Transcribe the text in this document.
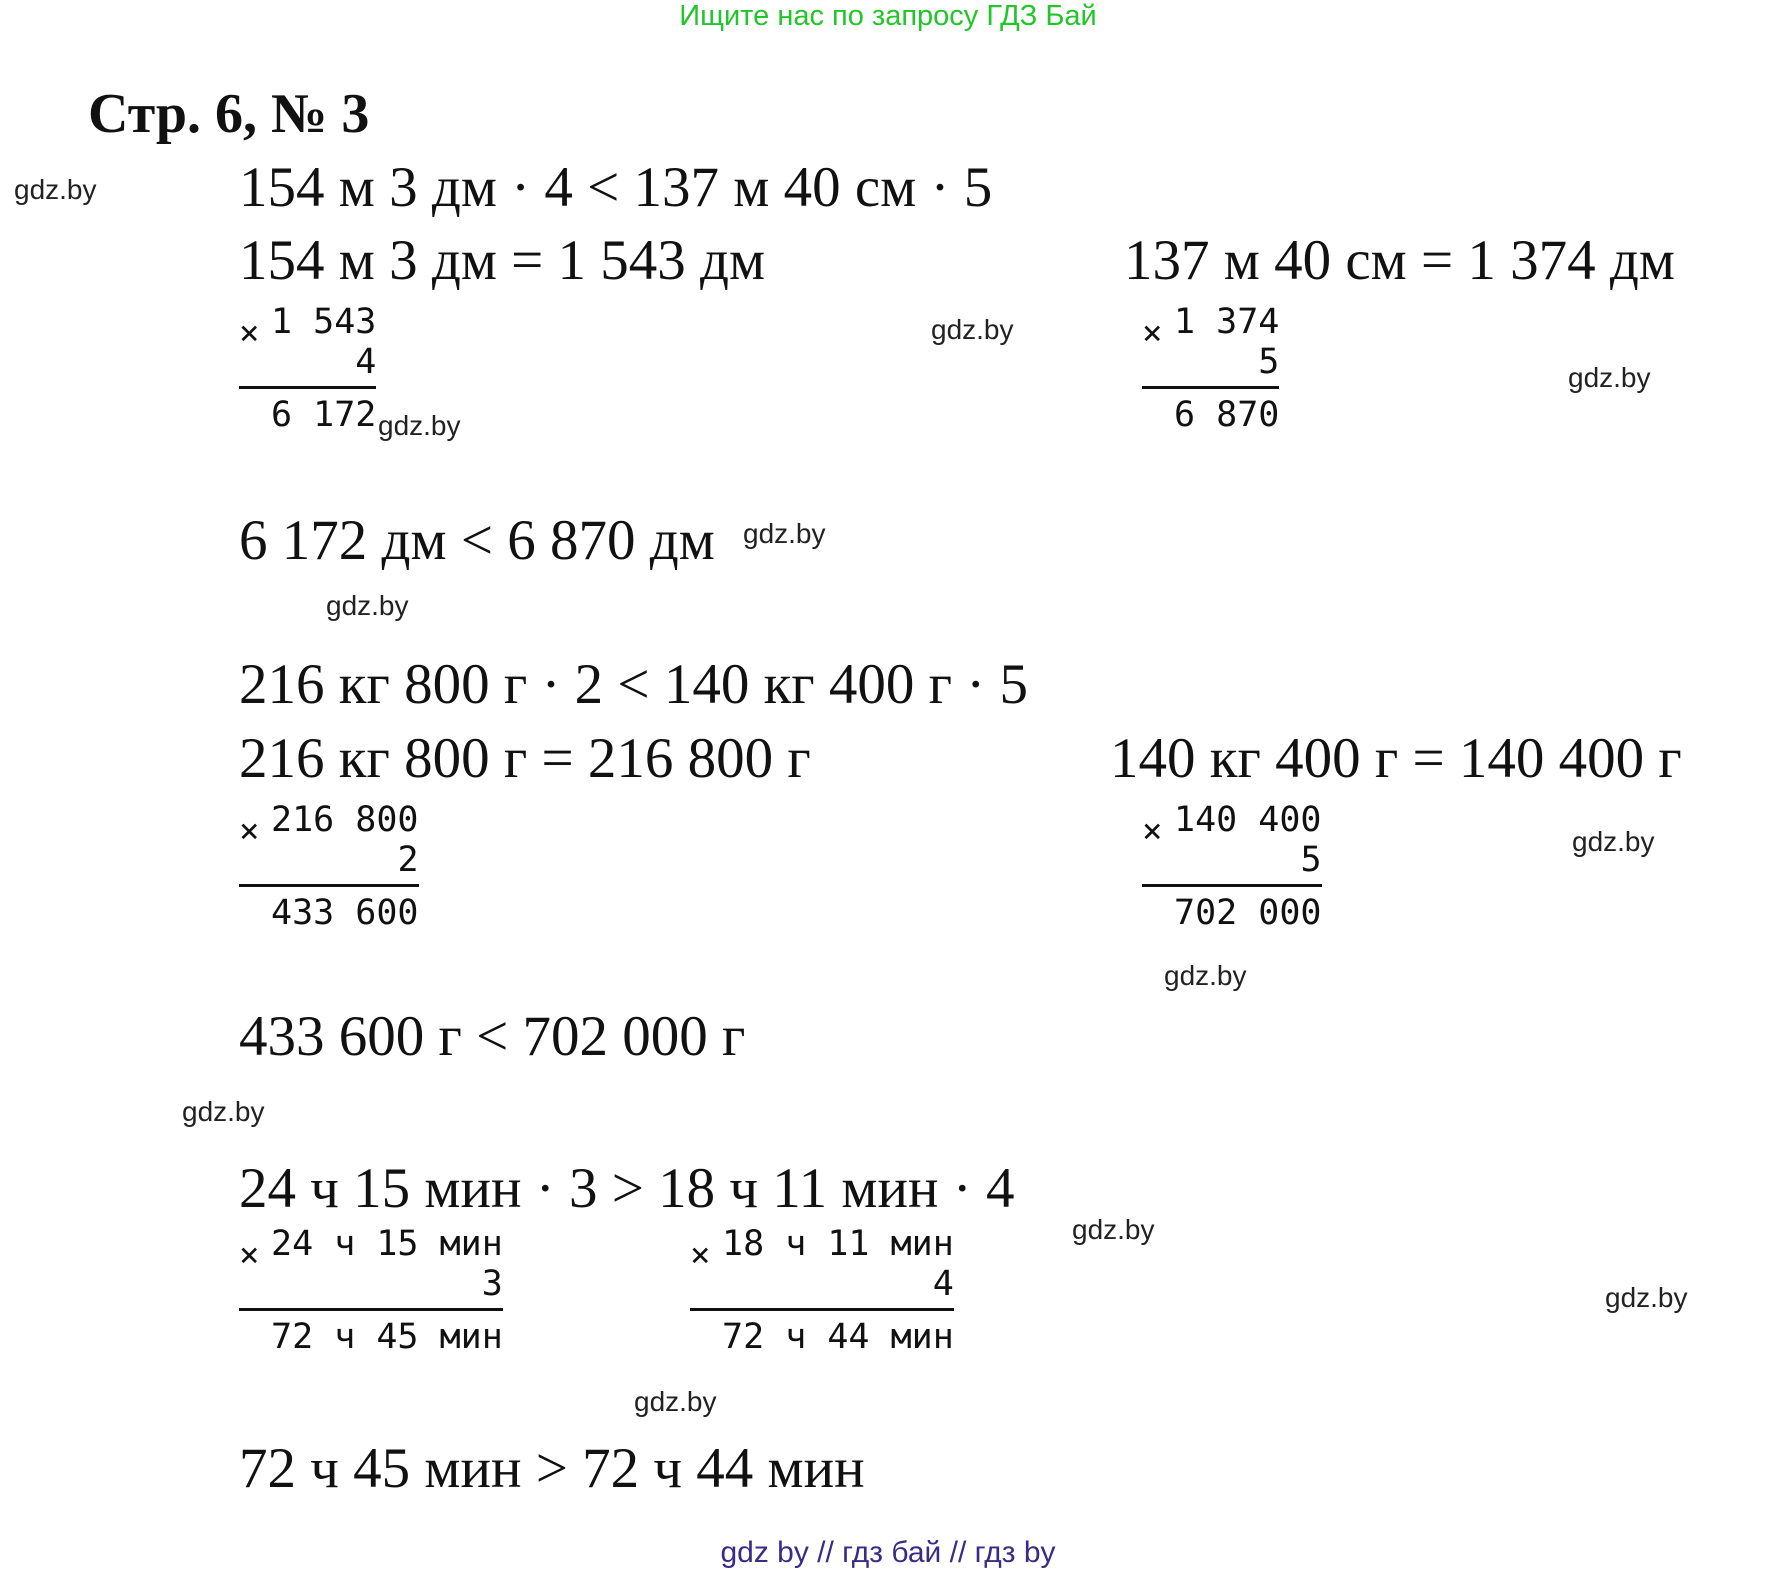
Ищите нас по запросу ГДЗ Бай
Стр. 6, № 3
154 м 3 дм · 4 < 137 м 40 см · 5
154 м 3 дм = 1 543 дм	137 м 40 см = 1 374 дм
× 1 543
4
6 172
× 1 374
5
6 870
6 172 дм < 6 870 дм
216 кг 800 г · 2 < 140 кг 400 г · 5
216 кг 800 г = 216 800 г	140 кг 400 г = 140 400 г
× 216 800
2
433 600
× 140 400
5
702 000
433 600 г < 702 000 г
24 ч 15 мин · 3 > 18 ч 11 мин · 4
× 24 ч 15 мин
3
72 ч 45 мин
× 18 ч 11 мин
4
72 ч 44 мин
72 ч 45 мин > 72 ч 44 мин
gdz.by
gdz.by
gdz.by
gdz.by
gdz.by
gdz.by
gdz.by
gdz.by
gdz.by
gdz.by
gdz.by
gdz.by
gdz by // гдз бай // гдз by
